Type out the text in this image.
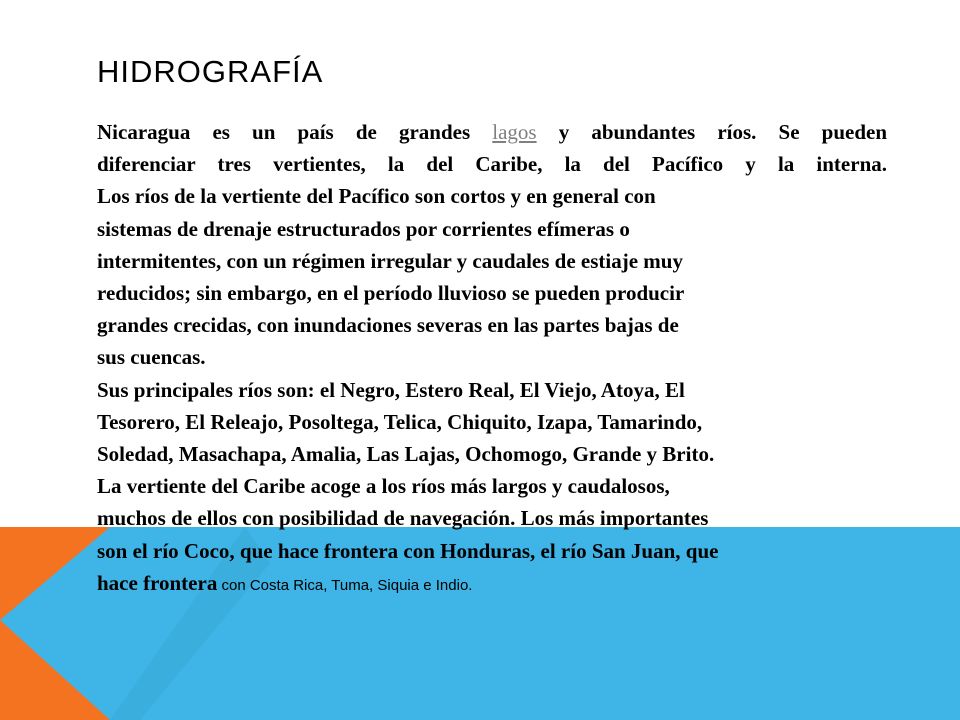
HIDROGRAFÍA
Nicaragua es un país de grandes lagos y abundantes ríos. Se pueden
diferenciar tres vertientes, la del Caribe, la del Pacífico y la interna.
Los ríos de la vertiente del Pacífico son cortos y en general con
sistemas de drenaje estructurados por corrientes efímeras o
intermitentes, con un régimen irregular y caudales de estiaje muy
reducidos; sin embargo, en el período lluvioso se pueden producir
grandes crecidas, con inundaciones severas en las partes bajas de
sus cuencas.
Sus principales ríos son: el Negro, Estero Real, El Viejo, Atoya, El
Tesorero, El Releajo, Posoltega, Telica, Chiquito, Izapa, Tamarindo,
Soledad, Masachapa, Amalia, Las Lajas, Ochomogo, Grande y Brito.
La vertiente del Caribe acoge a los ríos más largos y caudalosos,
muchos de ellos con posibilidad de navegación. Los más importantes
son el río Coco, que hace frontera con Honduras, el río San Juan, que
hace frontera con Costa Rica, Tuma, Siquia e Indio.
